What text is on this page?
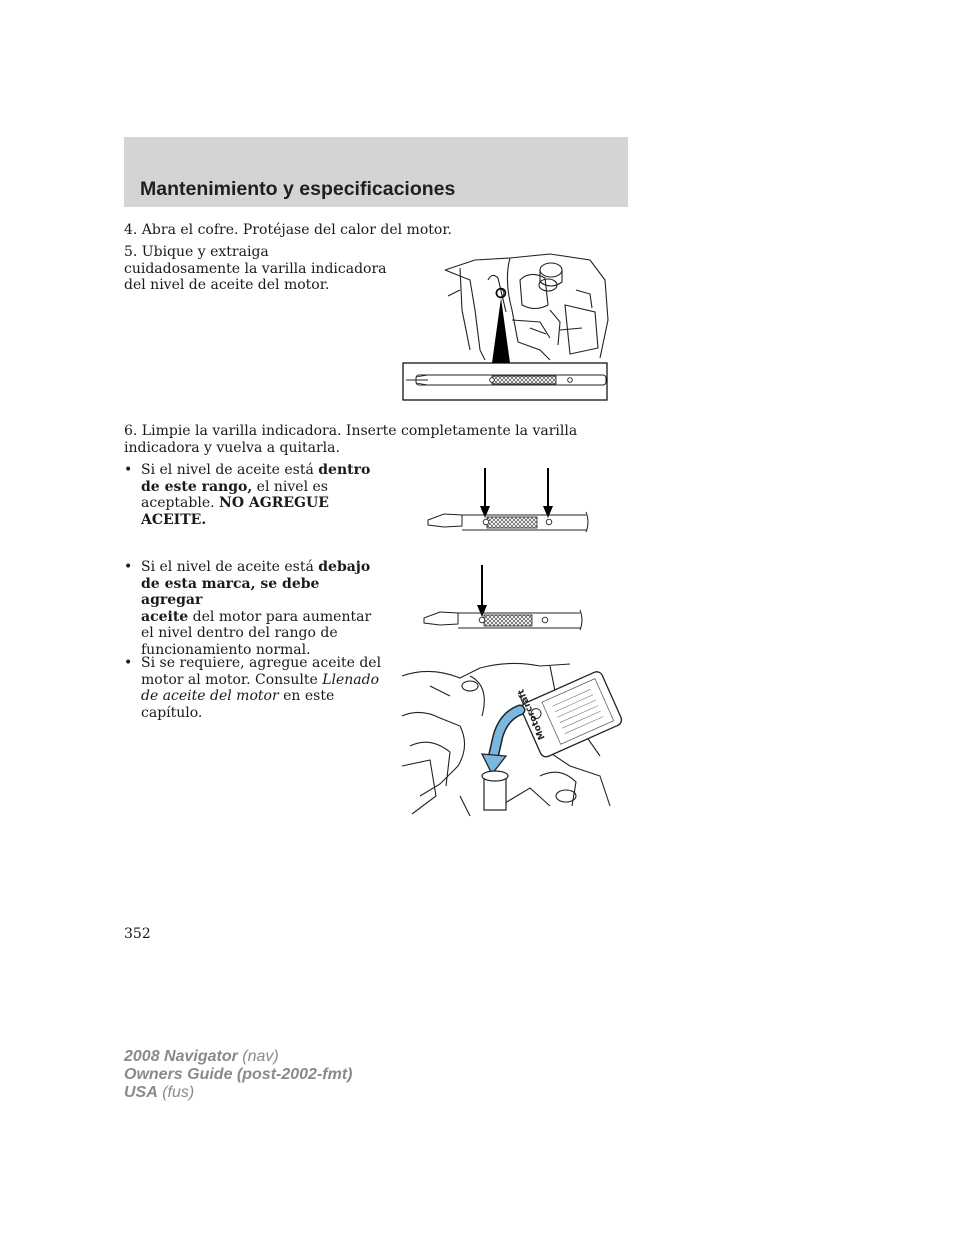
Mantenimiento y especificaciones
4. Abra el cofre. Protéjase del calor del motor.
5. Ubique y extraiga
cuidadosamente la varilla indicadora
del nivel de aceite del motor.
6. Limpie la varilla indicadora. Inserte completamente la varilla
indicadora y vuelva a quitarla.
• Si el nivel de aceite está dentro
de este rango, el nivel es
aceptable. NO AGREGUE
ACEITE.
• Si el nivel de aceite está debajo
de esta marca, se debe agregar
aceite del motor para aumentar
el nivel dentro del rango de
funcionamiento normal.
• Si se requiere, agregue aceite del
motor al motor. Consulte Llenado
de aceite del motor en este
capítulo.	Motorcraft
352
2008 Navigator (nav)
Owners Guide (post-2002-fmt)
USA (fus)
